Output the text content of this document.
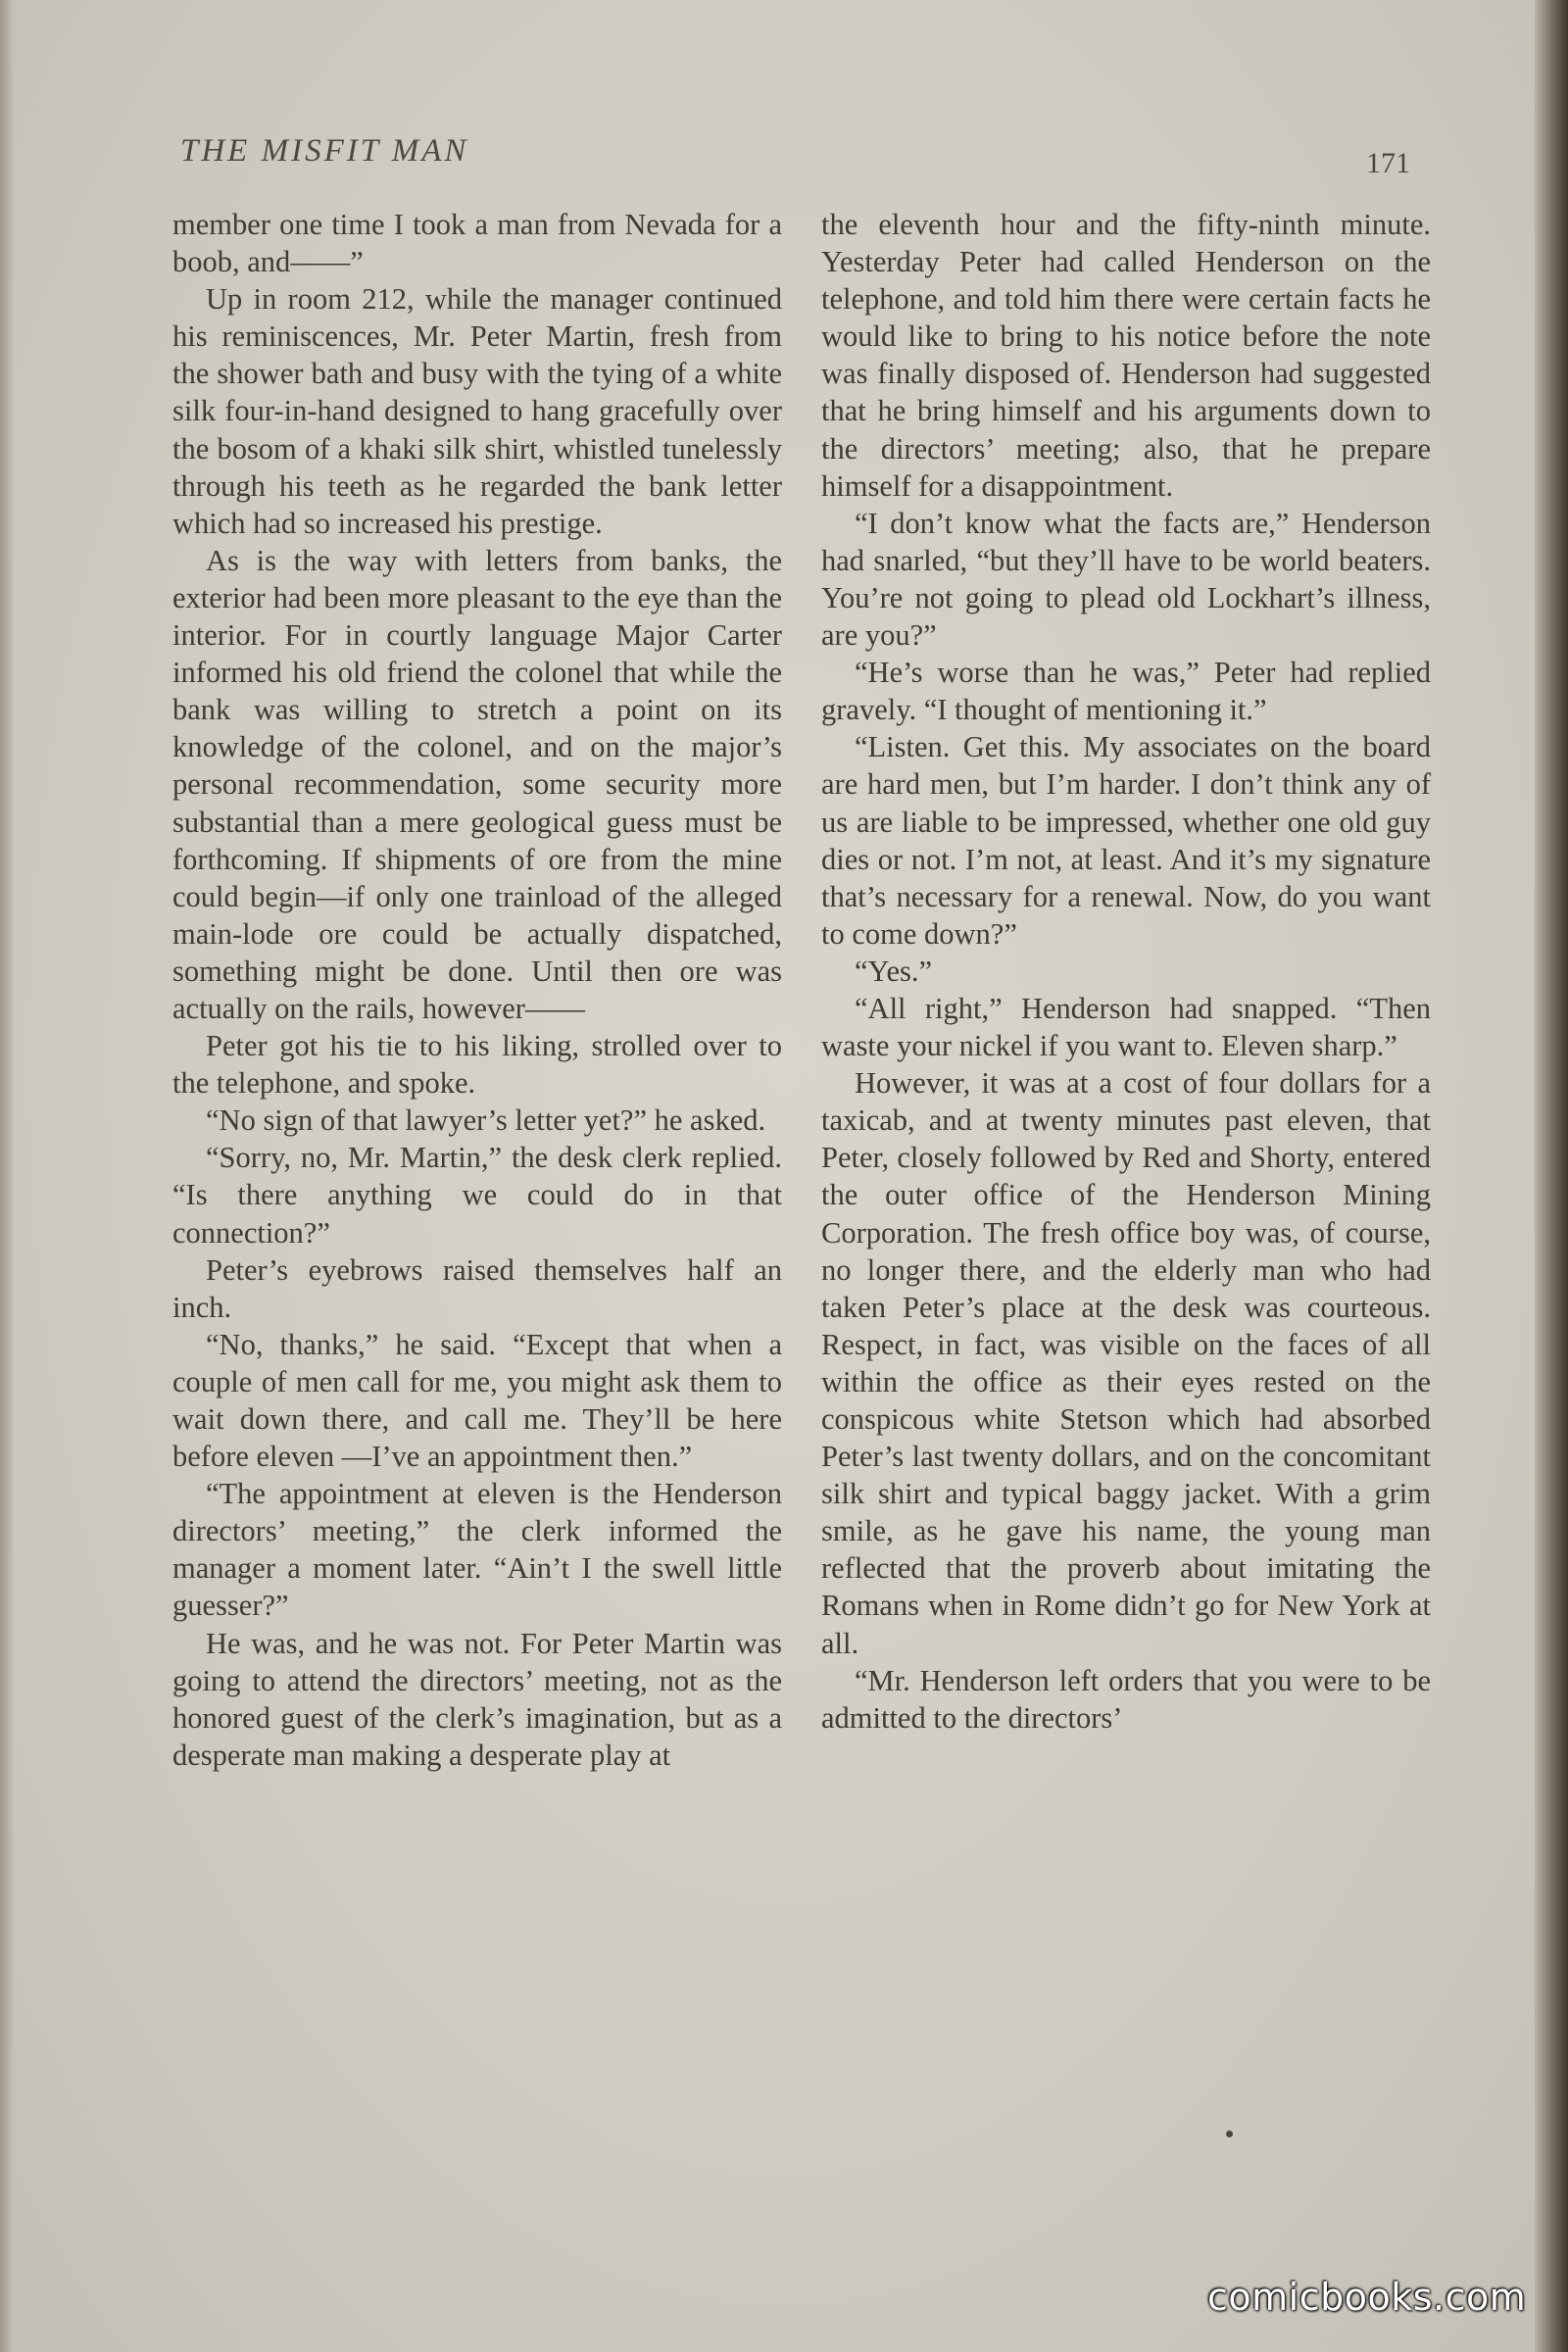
THE MISFIT MAN	171

member one time I took a man from Nevada for a boob, and——”

Up in room 212, while the manager continued his reminiscences, Mr. Peter Martin, fresh from the shower bath and busy with the tying of a white silk four-in-hand designed to hang gracefully over the bosom of a khaki silk shirt, whistled tunelessly through his teeth as he regarded the bank letter which had so increased his prestige.

As is the way with letters from banks, the exterior had been more pleasant to the eye than the interior. For in courtly language Major Carter informed his old friend the colonel that while the bank was willing to stretch a point on its knowledge of the colonel, and on the major’s personal recommendation, some security more substantial than a mere geological guess must be forthcoming. If shipments of ore from the mine could begin—if only one trainload of the alleged main-lode ore could be actually dispatched, something might be done. Until then ore was actually on the rails, however——

Peter got his tie to his liking, strolled over to the telephone, and spoke.

“No sign of that lawyer’s letter yet?” he asked.

“Sorry, no, Mr. Martin,” the desk clerk replied. “Is there anything we could do in that connection?”

Peter’s eyebrows raised themselves half an inch.

“No, thanks,” he said. “Except that when a couple of men call for me, you might ask them to wait down there, and call me. They’ll be here before eleven —I’ve an appointment then.”

“The appointment at eleven is the Henderson directors’ meeting,” the clerk informed the manager a moment later. “Ain’t I the swell little guesser?”

He was, and he was not. For Peter Martin was going to attend the directors’ meeting, not as the honored guest of the clerk’s imagination, but as a desperate man making a desperate play at

the eleventh hour and the fifty-ninth minute. Yesterday Peter had called Henderson on the telephone, and told him there were certain facts he would like to bring to his notice before the note was finally disposed of. Henderson had suggested that he bring himself and his arguments down to the directors’ meeting; also, that he prepare himself for a disappointment.

“I don’t know what the facts are,” Henderson had snarled, “but they’ll have to be world beaters. You’re not going to plead old Lockhart’s illness, are you?”

“He’s worse than he was,” Peter had replied gravely. “I thought of mentioning it.”

“Listen. Get this. My associates on the board are hard men, but I’m harder. I don’t think any of us are liable to be impressed, whether one old guy dies or not. I’m not, at least. And it’s my signature that’s necessary for a renewal. Now, do you want to come down?”

“Yes.”

“All right,” Henderson had snapped. “Then waste your nickel if you want to. Eleven sharp.”

However, it was at a cost of four dollars for a taxicab, and at twenty minutes past eleven, that Peter, closely followed by Red and Shorty, entered the outer office of the Henderson Mining Corporation. The fresh office boy was, of course, no longer there, and the elderly man who had taken Peter’s place at the desk was courteous. Respect, in fact, was visible on the faces of all within the office as their eyes rested on the conspicous white Stetson which had absorbed Peter’s last twenty dollars, and on the concomitant silk shirt and typical baggy jacket. With a grim smile, as he gave his name, the young man reflected that the proverb about imitating the Romans when in Rome didn’t go for New York at all.

“Mr. Henderson left orders that you were to be admitted to the directors’

comicbooks.com
